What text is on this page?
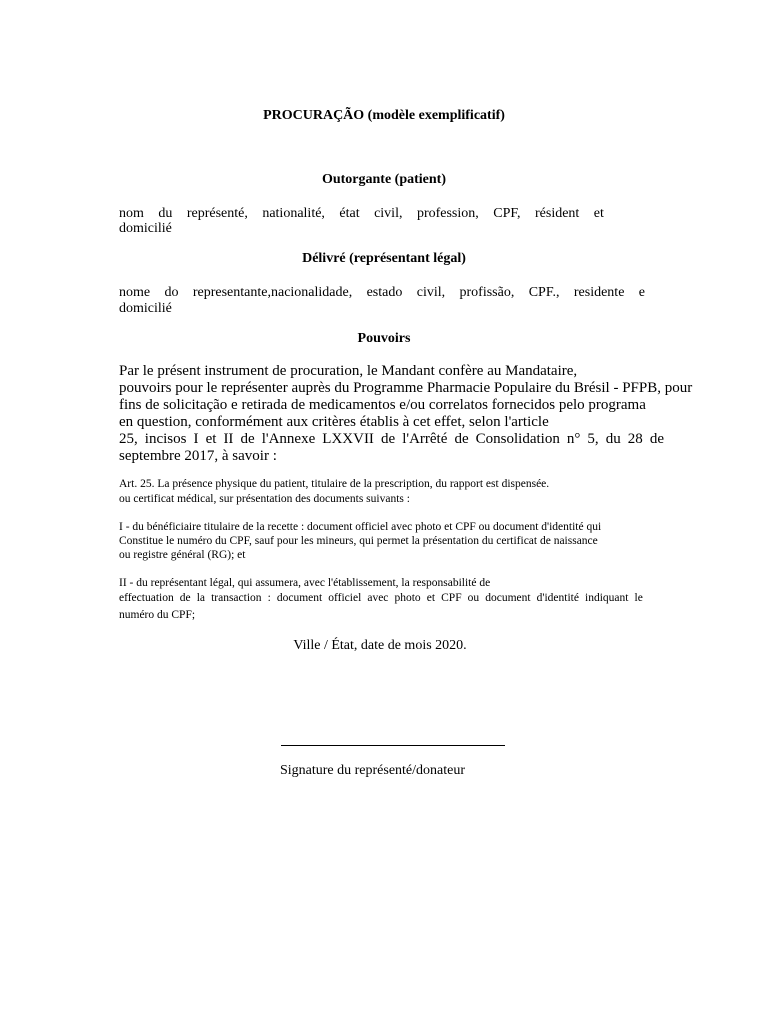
PROCURAÇÃO (modèle exemplificatif)
Outorgante (patient)
nom du représenté, nationalité, état civil, profession, CPF, résident et
domicilié
Délivré (représentant légal)
nome do representante,nacionalidade, estado civil, profissão, CPF., residente e
domicilié
Pouvoirs
Par le présent instrument de procuration, le Mandant confère au Mandataire,
pouvoirs pour le représenter auprès du Programme Pharmacie Populaire du Brésil - PFPB, pour
fins de solicitação e retirada de medicamentos e/ou correlatos fornecidos pelo programa
en question, conformément aux critères établis à cet effet, selon l'article
25, incisos I et II de l'Annexe LXXVII de l'Arrêté de Consolidation n° 5, du 28 de
septembre 2017, à savoir :
Art. 25. La présence physique du patient, titulaire de la prescription, du rapport est dispensée.
ou certificat médical, sur présentation des documents suivants :
I - du bénéficiaire titulaire de la recette : document officiel avec photo et CPF ou document d'identité qui
Constitue le numéro du CPF, sauf pour les mineurs, qui permet la présentation du certificat de naissance
ou registre général (RG); et
II - du représentant légal, qui assumera, avec l'établissement, la responsabilité de
effectuation de la transaction : document officiel avec photo et CPF ou document d'identité indiquant le
numéro du CPF;
Ville / État, date de mois 2020.
Signature du représenté/donateur
